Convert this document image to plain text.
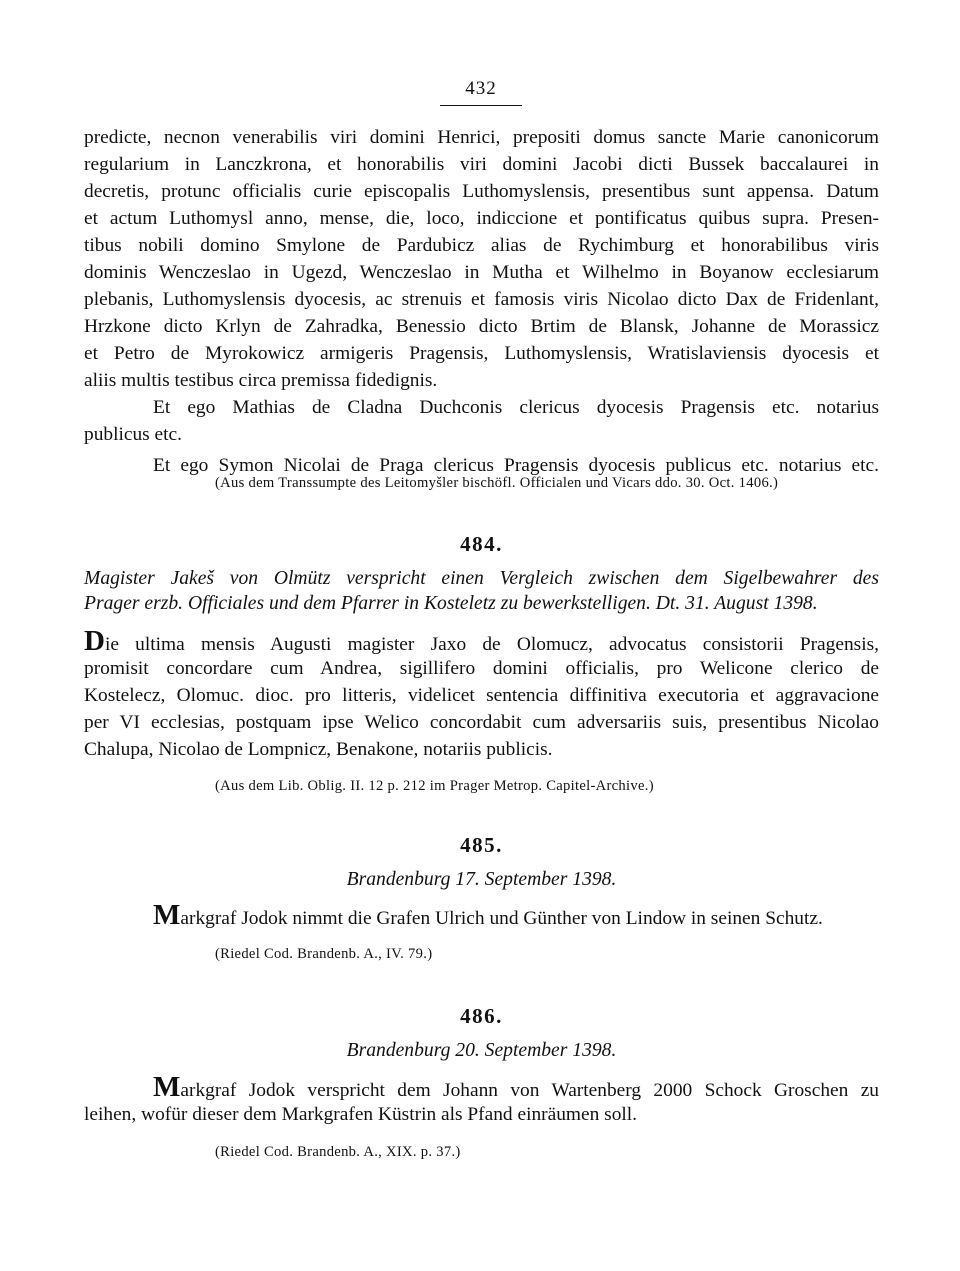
432
predicte, necnon venerabilis viri domini Henrici, prepositi domus sancte Marie canonicorum
regularium in Lanczkrona, et honorabilis viri domini Jacobi dicti Bussek baccalaurei in
decretis, protunc officialis curie episcopalis Luthomyslensis, presentibus sunt appensa. Datum
et actum Luthomysl anno, mense, die, loco, indiccione et pontificatus quibus supra. Presen-
tibus nobili domino Smylone de Pardubicz alias de Rychimburg et honorabilibus viris
dominis Wenczeslao in Ugezd, Wenczeslao in Mutha et Wilhelmo in Boyanow ecclesiarum
plebanis, Luthomyslensis dyocesis, ac strenuis et famosis viris Nicolao dicto Dax de Fridenlant,
Hrzkone dicto Krlyn de Zahradka, Benessio dicto Brtim de Blansk, Johanne de Morassicz
et Petro de Myrokowicz armigeris Pragensis, Luthomyslensis, Wratislaviensis dyocesis et
aliis multis testibus circa premissa fidedignis.
Et ego Mathias de Cladna Duchconis clericus dyocesis Pragensis etc. notarius
publicus etc.
Et ego Symon Nicolai de Praga clericus Pragensis dyocesis publicus etc. notarius etc.
(Aus dem Transsumpte des Leitomyšler bischöfl. Officialen und Vicars ddo. 30. Oct. 1406.)
484.
Magister Jakeš von Olmütz verspricht einen Vergleich zwischen dem Sigelbewahrer des
Prager erzb. Officiales und dem Pfarrer in Kosteletz zu bewerkstelligen. Dt. 31. August 1398.
Die ultima mensis Augusti magister Jaxo de Olomucz, advocatus consistorii Pragensis,
promisit concordare cum Andrea, sigillifero domini officialis, pro Welicone clerico de
Kostelecz, Olomuc. dioc. pro litteris, videlicet sentencia diffinitiva executoria et aggravacione
per VI ecclesias, postquam ipse Welico concordabit cum adversariis suis, presentibus Nicolao
Chalupa, Nicolao de Lompnicz, Benakone, notariis publicis.
(Aus dem Lib. Oblig. II. 12 p. 212 im Prager Metrop. Capitel-Archive.)
485.
Brandenburg 17. September 1398.
Markgraf Jodok nimmt die Grafen Ulrich und Günther von Lindow in seinen Schutz.
(Riedel Cod. Brandenb. A., IV. 79.)
486.
Brandenburg 20. September 1398.
Markgraf Jodok verspricht dem Johann von Wartenberg 2000 Schock Groschen zu
leihen, wofür dieser dem Markgrafen Küstrin als Pfand einräumen soll.
(Riedel Cod. Brandenb. A., XIX. p. 37.)
